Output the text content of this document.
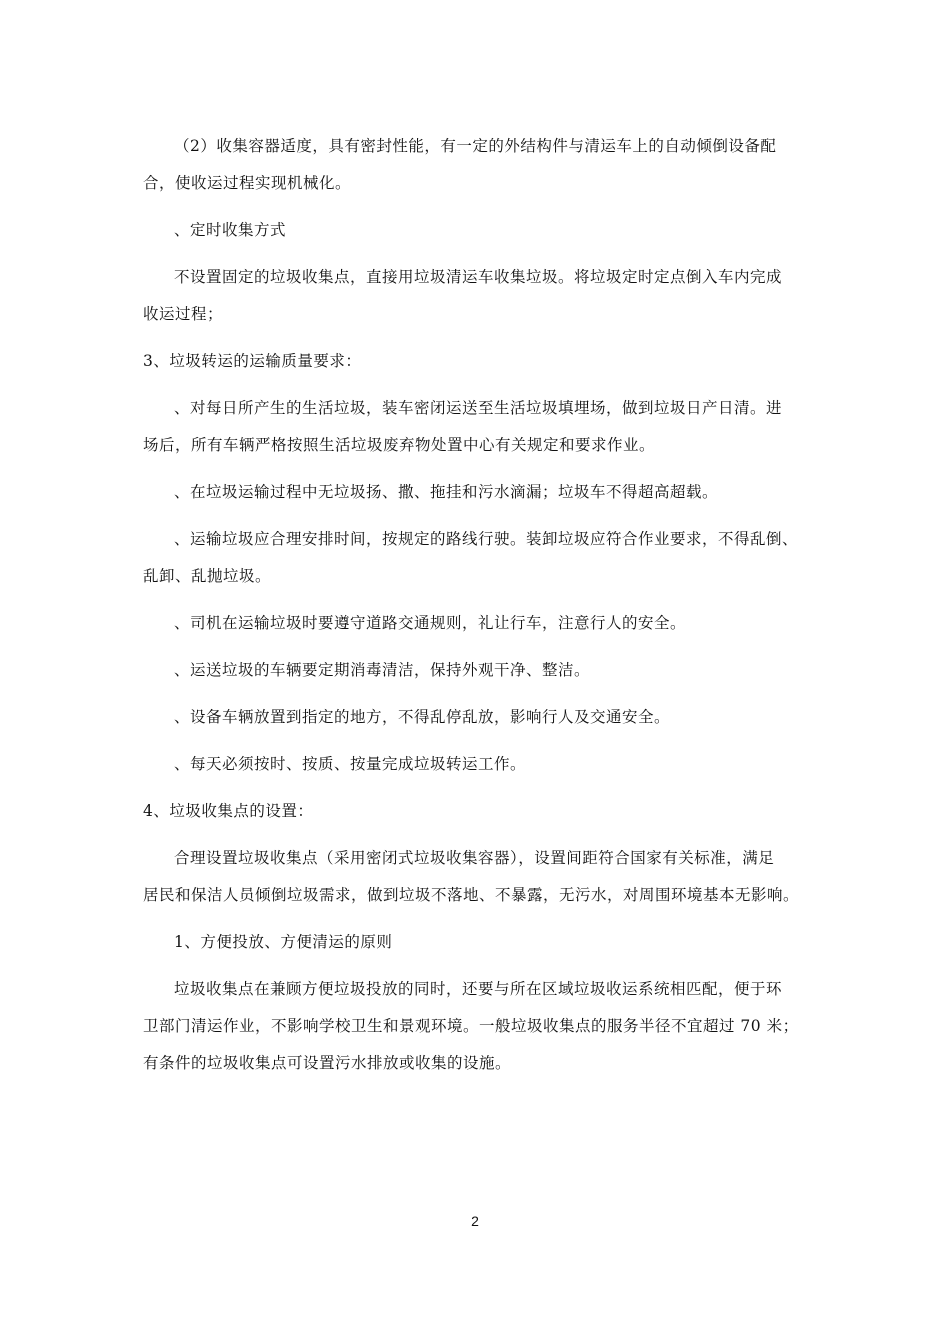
（2）收集容器适度，具有密封性能，有一定的外结构件与清运车上的自动倾倒设备配
合，使收运过程实现机械化。
、定时收集方式
不设置固定的垃圾收集点，直接用垃圾清运车收集垃圾。将垃圾定时定点倒入车内完成
收运过程；
3、垃圾转运的运输质量要求：
、对每日所产生的生活垃圾，装车密闭运送至生活垃圾填埋场，做到垃圾日产日清。进
场后，所有车辆严格按照生活垃圾废弃物处置中心有关规定和要求作业。
、在垃圾运输过程中无垃圾扬、撒、拖挂和污水滴漏；垃圾车不得超高超载。
、运输垃圾应合理安排时间，按规定的路线行驶。装卸垃圾应符合作业要求，不得乱倒、
乱卸、乱抛垃圾。
、司机在运输垃圾时要遵守道路交通规则，礼让行车，注意行人的安全。
、运送垃圾的车辆要定期消毒清洁，保持外观干净、整洁。
、设备车辆放置到指定的地方，不得乱停乱放，影响行人及交通安全。
、每天必须按时、按质、按量完成垃圾转运工作。
4、垃圾收集点的设置：
合理设置垃圾收集点（采用密闭式垃圾收集容器），设置间距符合国家有关标准，满足
居民和保洁人员倾倒垃圾需求，做到垃圾不落地、不暴露，无污水，对周围环境基本无影响。
1、方便投放、方便清运的原则
垃圾收集点在兼顾方便垃圾投放的同时，还要与所在区域垃圾收运系统相匹配，便于环
卫部门清运作业，不影响学校卫生和景观环境。一般垃圾收集点的服务半径不宜超过 70 米；
有条件的垃圾收集点可设置污水排放或收集的设施。
2
